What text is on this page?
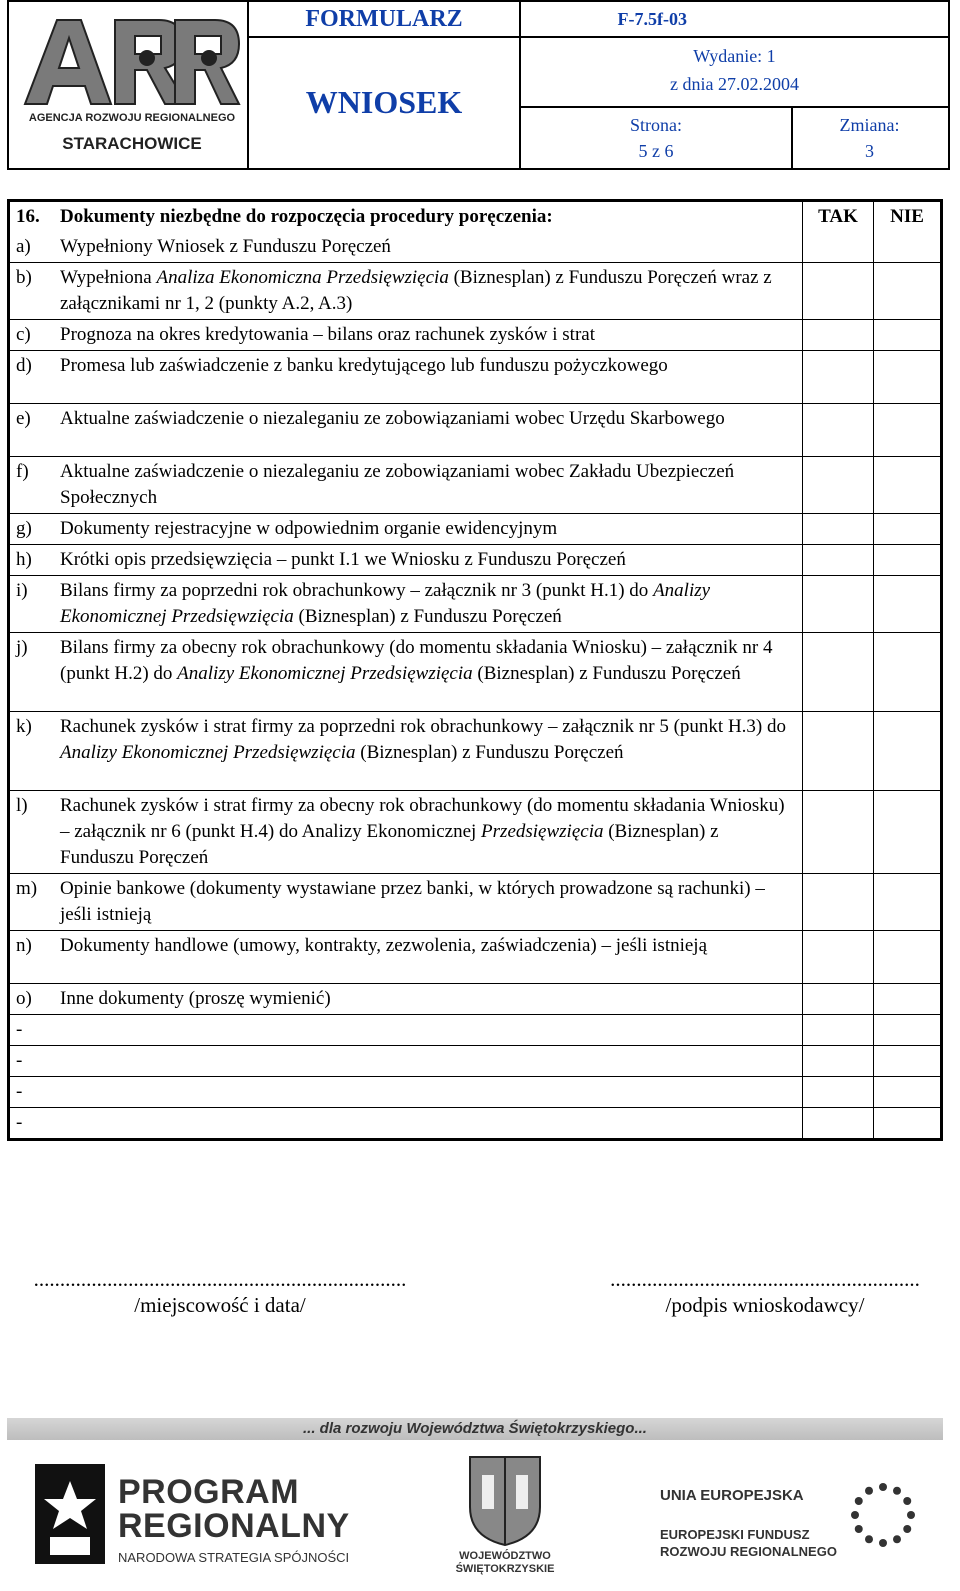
AGENCJA ROZWOJU REGIONALNEGO
STARACHOWICE
FORMULARZ
WNIOSEK
F-7.5f-03
Wydanie: 1
z dnia 27.02.2004
Strona:
5 z 6
Zmiana:
3
16.	Dokumenty niezbędne do rozpoczęcia procedury poręczenia:	TAK	NIE
a)	Wypełniony Wniosek z Funduszu Poręczeń
b)	Wypełniona Analiza Ekonomiczna Przedsięwzięcia (Biznesplan) z Funduszu Poręczeń wraz z załącznikami nr 1, 2 (punkty A.2, A.3)
c)	Prognoza na okres kredytowania – bilans oraz rachunek zysków i strat
d)	Promesa lub zaświadczenie z banku kredytującego lub funduszu pożyczkowego
e)	Aktualne zaświadczenie o niezaleganiu ze zobowiązaniami wobec Urzędu Skarbowego
f)	Aktualne zaświadczenie o niezaleganiu ze zobowiązaniami wobec Zakładu Ubezpieczeń Społecznych
g)	Dokumenty rejestracyjne w odpowiednim organie ewidencyjnym
h)	Krótki opis przedsięwzięcia – punkt I.1 we Wniosku z Funduszu Poręczeń
i)	Bilans firmy za poprzedni rok obrachunkowy – załącznik nr 3 (punkt H.1) do Analizy Ekonomicznej Przedsięwzięcia (Biznesplan) z Funduszu Poręczeń
j)	Bilans firmy za obecny rok obrachunkowy (do momentu składania Wniosku) – załącznik nr 4 (punkt H.2) do Analizy Ekonomicznej Przedsięwzięcia (Biznesplan) z Funduszu Poręczeń
k)	Rachunek zysków i strat firmy za poprzedni rok obrachunkowy – załącznik nr 5 (punkt H.3) do Analizy Ekonomicznej Przedsięwzięcia (Biznesplan) z Funduszu Poręczeń
l)	Rachunek zysków i strat firmy za obecny rok obrachunkowy (do momentu składania Wniosku) – załącznik nr 6 (punkt H.4) do Analizy Ekonomicznej Przedsięwzięcia (Biznesplan) z Funduszu Poręczeń
m)	Opinie bankowe (dokumenty wystawiane przez banki, w których prowadzone są rachunki) – jeśli istnieją
n)	Dokumenty handlowe (umowy, kontrakty, zezwolenia, zaświadczenia) – jeśli istnieją
o)	Inne dokumenty (proszę wymienić)
-
-
-
-
.......................................................................
/miejscowość i data/
...........................................................
/podpis wnioskodawcy/
... dla rozwoju Województwa Świętokrzyskiego...
PROGRAM
REGIONALNY
NARODOWA STRATEGIA SPÓJNOŚCI	WOJEWÓDZTWO
ŚWIĘTOKRZYSKIE
UNIA EUROPEJSKA
EUROPEJSKI FUNDUSZ
ROZWOJU REGIONALNEGO
